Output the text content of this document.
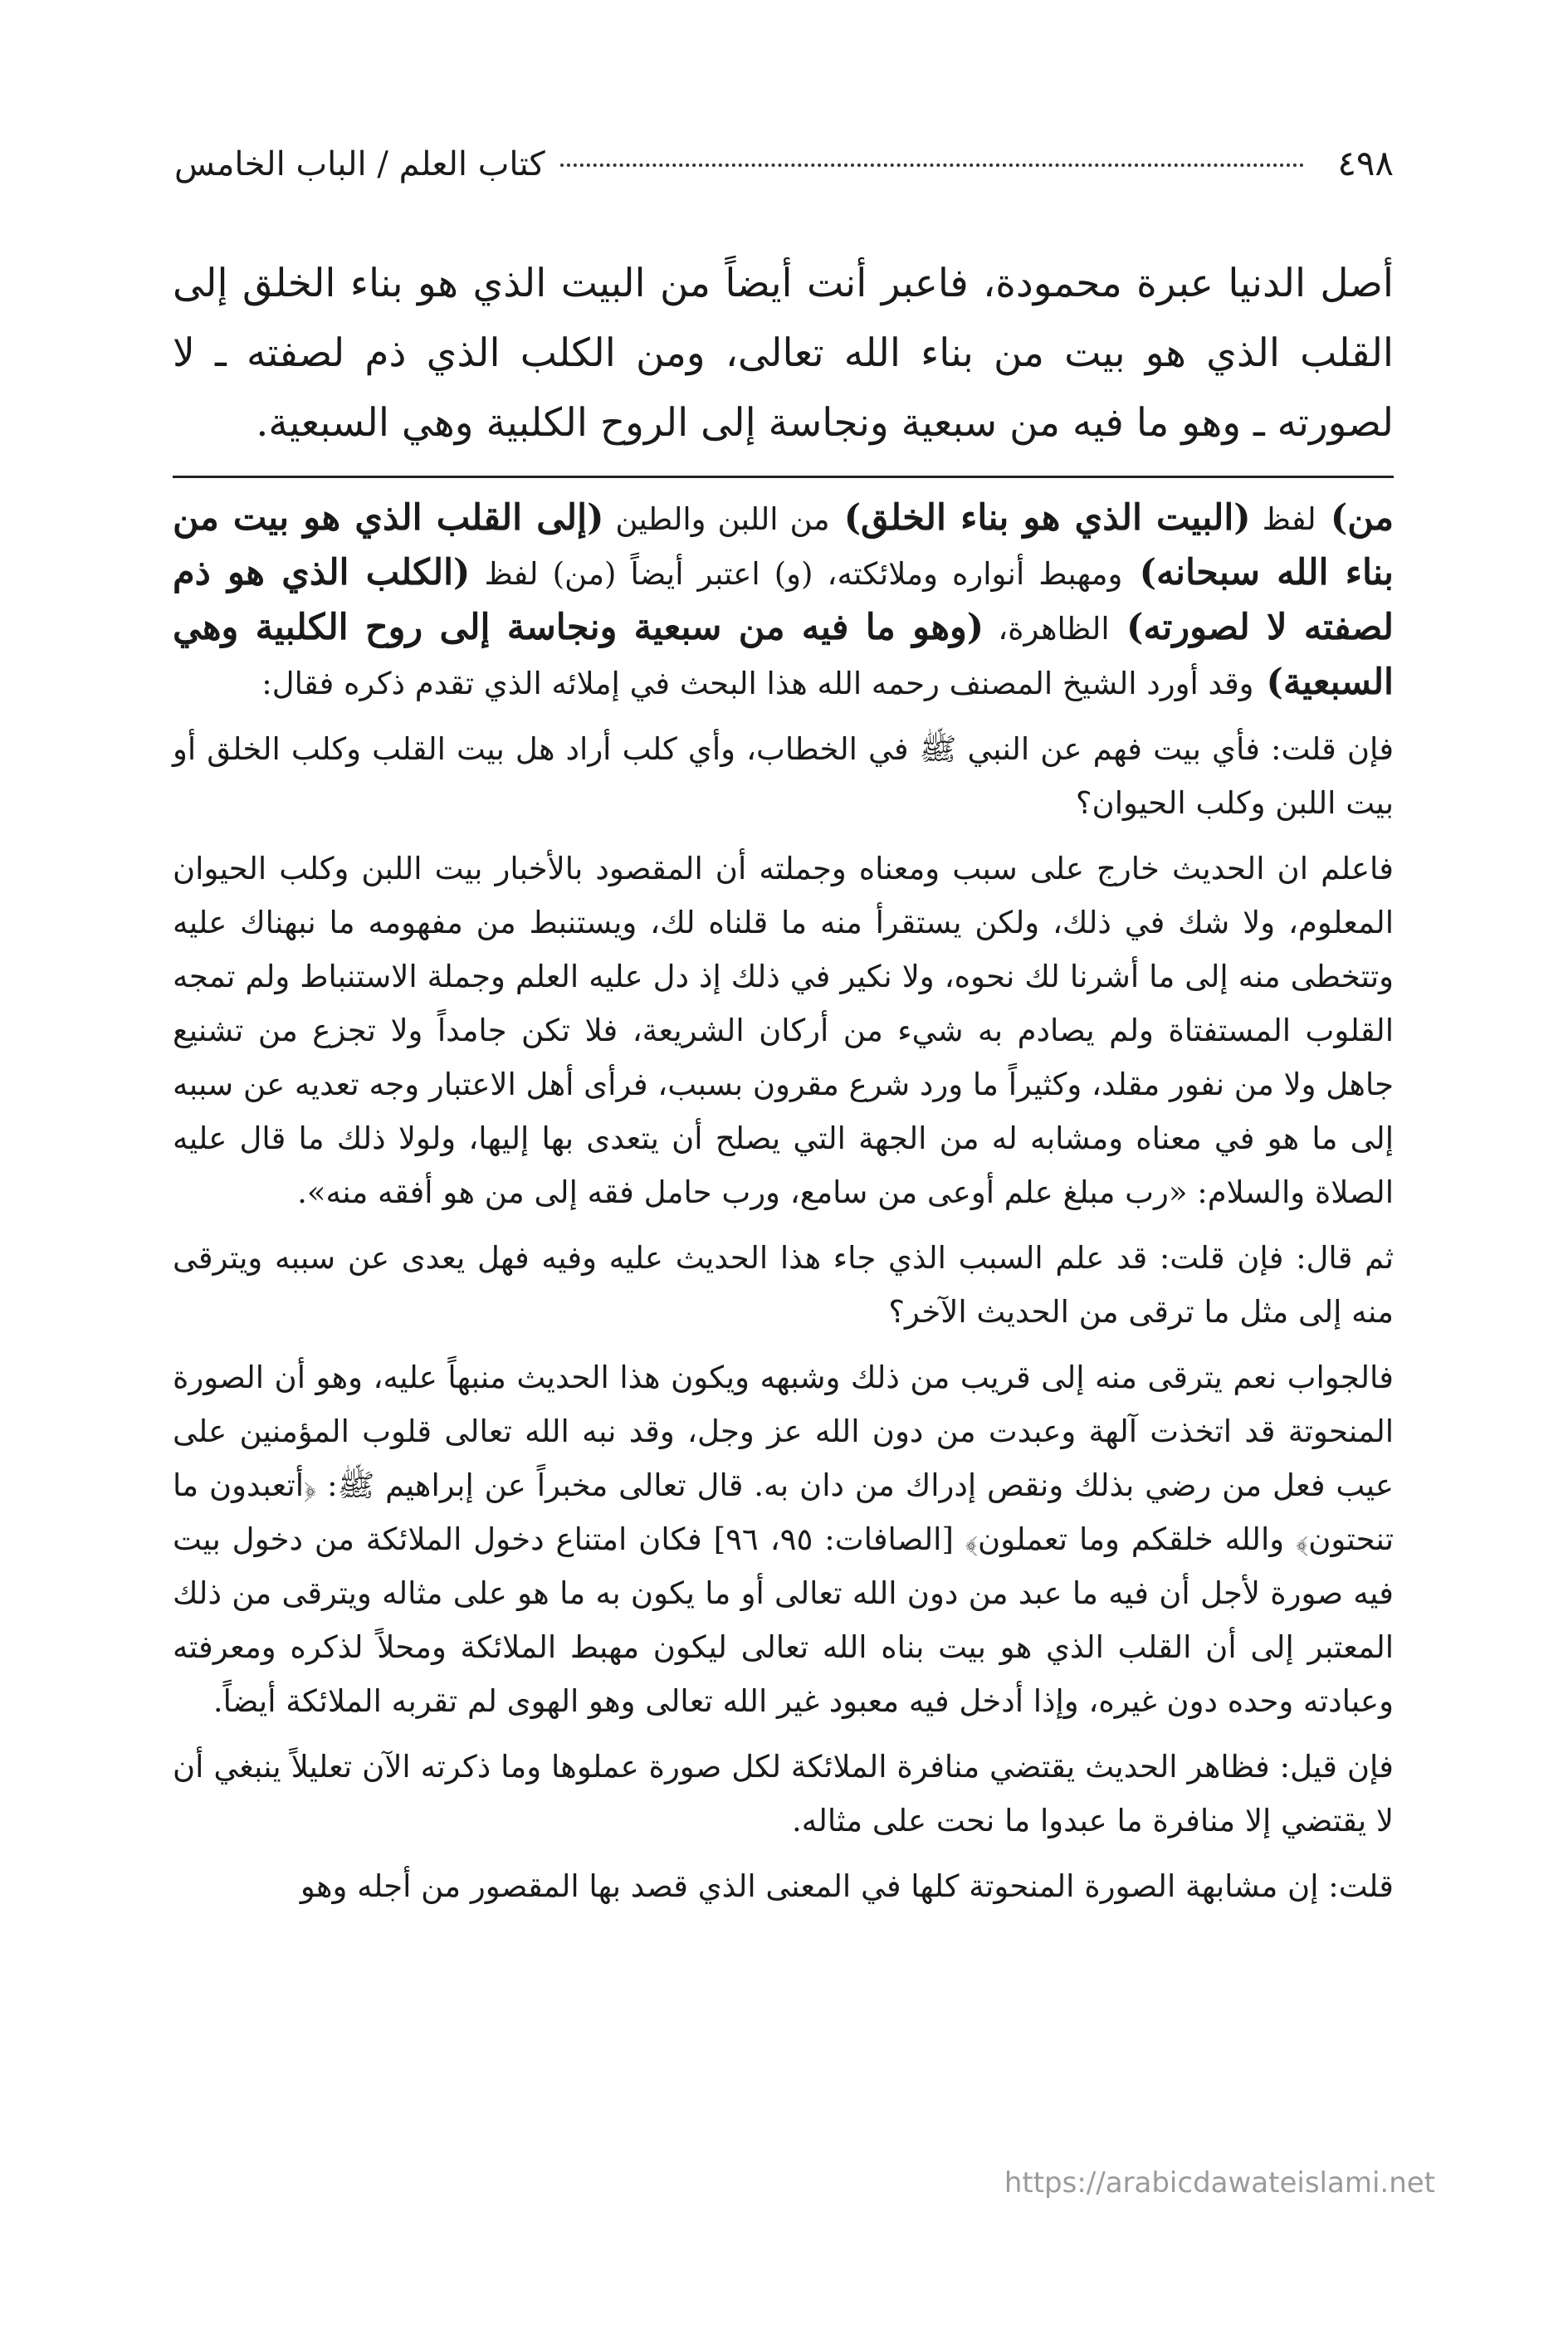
٤٩٨
كتاب العلم / الباب الخامس
أصل الدنيا عبرة محمودة، فاعبر أنت أيضاً من البيت الذي هو بناء الخلق إلى القلب الذي هو بيت من بناء الله تعالى، ومن الكلب الذي ذم لصفته ـ لا لصورته ـ وهو ما فيه من سبعية ونجاسة إلى الروح الكلبية وهي السبعية.

من) لفظ (البيت الذي هو بناء الخلق) من اللبن والطين (إلى القلب الذي هو بيت من بناء الله سبحانه) ومهبط أنواره وملائكته، (و) اعتبر أيضاً (من) لفظ (الكلب الذي هو ذم لصفته لا لصورته) الظاهرة، (وهو ما فيه من سبعية ونجاسة إلى روح الكلبية وهي السبعية) وقد أورد الشيخ المصنف رحمه الله هذا البحث في إملائه الذي تقدم ذكره فقال:

فإن قلت: فأي بيت فهم عن النبي ﷺ في الخطاب، وأي كلب أراد هل بيت القلب وكلب الخلق أو بيت اللبن وكلب الحيوان؟

فاعلم ان الحديث خارج على سبب ومعناه وجملته أن المقصود بالأخبار بيت اللبن وكلب الحيوان المعلوم، ولا شك في ذلك، ولكن يستقرأ منه ما قلناه لك، ويستنبط من مفهومه ما نبهناك عليه وتتخطى منه إلى ما أشرنا لك نحوه، ولا نكير في ذلك إذ دل عليه العلم وجملة الاستنباط ولم تمجه القلوب المستفتاة ولم يصادم به شيء من أركان الشريعة، فلا تكن جامداً ولا تجزع من تشنيع جاهل ولا من نفور مقلد، وكثيراً ما ورد شرع مقرون بسبب، فرأى أهل الاعتبار وجه تعديه عن سببه إلى ما هو في معناه ومشابه له من الجهة التي يصلح أن يتعدى بها إليها، ولولا ذلك ما قال عليه الصلاة والسلام: «رب مبلغ علم أوعى من سامع، ورب حامل فقه إلى من هو أفقه منه».

ثم قال: فإن قلت: قد علم السبب الذي جاء هذا الحديث عليه وفيه فهل يعدى عن سببه ويترقى منه إلى مثل ما ترقى من الحديث الآخر؟

فالجواب نعم يترقى منه إلى قريب من ذلك وشبهه ويكون هذا الحديث منبهاً عليه، وهو أن الصورة المنحوتة قد اتخذت آلهة وعبدت من دون الله عز وجل، وقد نبه الله تعالى قلوب المؤمنين على عيب فعل من رضي بذلك ونقص إدراك من دان به. قال تعالى مخبراً عن إبراهيم ﷺ: ﴿أتعبدون ما تنحتون﴾ والله خلقكم وما تعملون﴾ [الصافات: ٩٥، ٩٦] فكان امتناع دخول الملائكة من دخول بيت فيه صورة لأجل أن فيه ما عبد من دون الله تعالى أو ما يكون به ما هو على مثاله ويترقى من ذلك المعتبر إلى أن القلب الذي هو بيت بناه الله تعالى ليكون مهبط الملائكة ومحلاً لذكره ومعرفته وعبادته وحده دون غيره، وإذا أدخل فيه معبود غير الله تعالى وهو الهوى لم تقربه الملائكة أيضاً.

فإن قيل: فظاهر الحديث يقتضي منافرة الملائكة لكل صورة عملوها وما ذكرته الآن تعليلاً ينبغي أن لا يقتضي إلا منافرة ما عبدوا ما نحت على مثاله.

قلت: إن مشابهة الصورة المنحوتة كلها في المعنى الذي قصد بها المقصور من أجله وهو

https://arabicdawateislami.net
